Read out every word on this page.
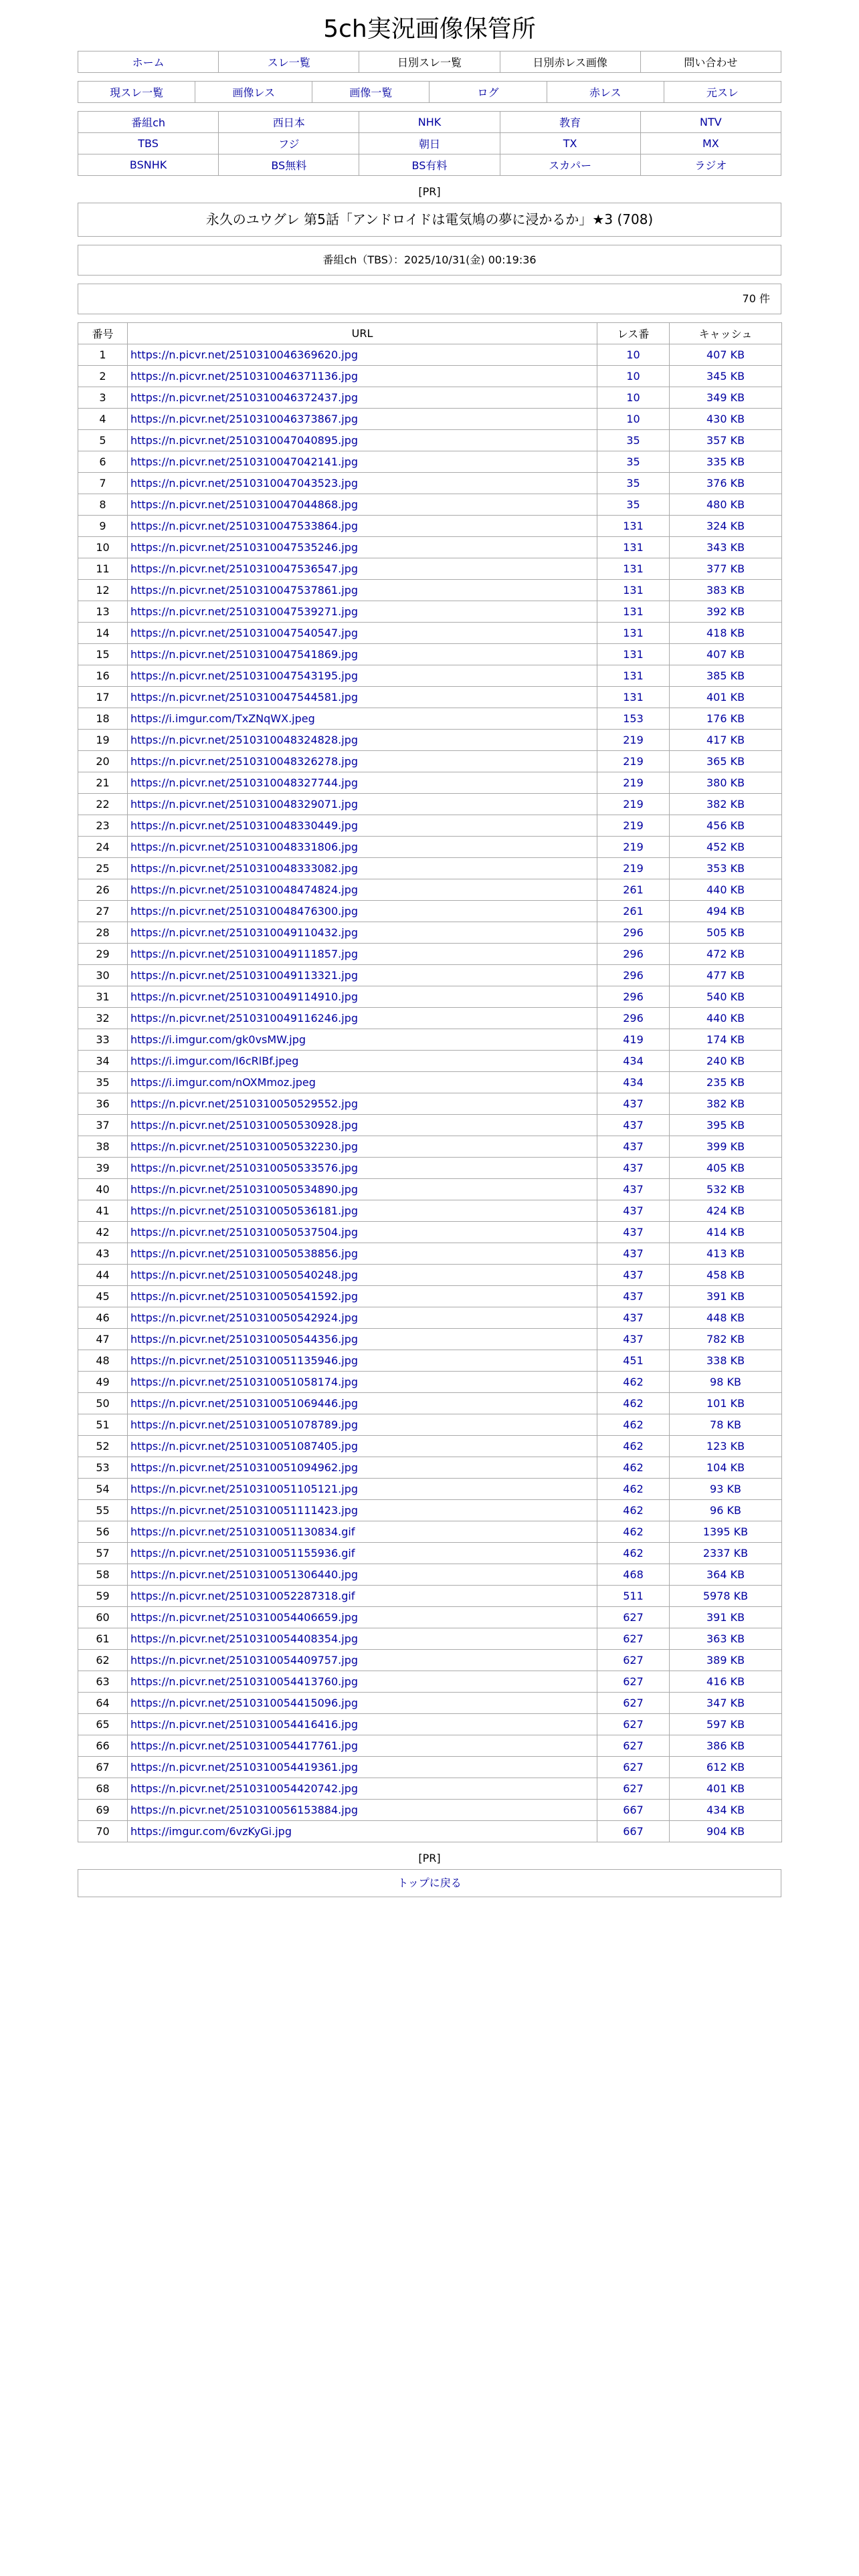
5ch実況画像保管所
ホーム	スレ一覧	日別スレ一覧	日別赤レス画像	問い合わせ
現スレ一覧	画像レス	画像一覧	ログ	赤レス	元スレ
番組ch	西日本	NHK	教育	NTV
TBS	フジ	朝日	TX	MX
BSNHK	BS無料	BS有料	スカパー	ラジオ
[PR]
永久のユウグレ 第5話「アンドロイドは電気鳩の夢に浸かるか」★3 (708)
番組ch（TBS）：2025/10/31(金) 00:19:36
70 件
番号	URL	レス番	キャッシュ
1	https://n.picvr.net/2510310046369620.jpg	10	407 KB
2	https://n.picvr.net/2510310046371136.jpg	10	345 KB
3	https://n.picvr.net/2510310046372437.jpg	10	349 KB
4	https://n.picvr.net/2510310046373867.jpg	10	430 KB
5	https://n.picvr.net/2510310047040895.jpg	35	357 KB
6	https://n.picvr.net/2510310047042141.jpg	35	335 KB
7	https://n.picvr.net/2510310047043523.jpg	35	376 KB
8	https://n.picvr.net/2510310047044868.jpg	35	480 KB
9	https://n.picvr.net/2510310047533864.jpg	131	324 KB
10	https://n.picvr.net/2510310047535246.jpg	131	343 KB
11	https://n.picvr.net/2510310047536547.jpg	131	377 KB
12	https://n.picvr.net/2510310047537861.jpg	131	383 KB
13	https://n.picvr.net/2510310047539271.jpg	131	392 KB
14	https://n.picvr.net/2510310047540547.jpg	131	418 KB
15	https://n.picvr.net/2510310047541869.jpg	131	407 KB
16	https://n.picvr.net/2510310047543195.jpg	131	385 KB
17	https://n.picvr.net/2510310047544581.jpg	131	401 KB
18	https://i.imgur.com/TxZNqWX.jpeg	153	176 KB
19	https://n.picvr.net/2510310048324828.jpg	219	417 KB
20	https://n.picvr.net/2510310048326278.jpg	219	365 KB
21	https://n.picvr.net/2510310048327744.jpg	219	380 KB
22	https://n.picvr.net/2510310048329071.jpg	219	382 KB
23	https://n.picvr.net/2510310048330449.jpg	219	456 KB
24	https://n.picvr.net/2510310048331806.jpg	219	452 KB
25	https://n.picvr.net/2510310048333082.jpg	219	353 KB
26	https://n.picvr.net/2510310048474824.jpg	261	440 KB
27	https://n.picvr.net/2510310048476300.jpg	261	494 KB
28	https://n.picvr.net/2510310049110432.jpg	296	505 KB
29	https://n.picvr.net/2510310049111857.jpg	296	472 KB
30	https://n.picvr.net/2510310049113321.jpg	296	477 KB
31	https://n.picvr.net/2510310049114910.jpg	296	540 KB
32	https://n.picvr.net/2510310049116246.jpg	296	440 KB
33	https://i.imgur.com/gk0vsMW.jpg	419	174 KB
34	https://i.imgur.com/I6cRlBf.jpeg	434	240 KB
35	https://i.imgur.com/nOXMmoz.jpeg	434	235 KB
36	https://n.picvr.net/2510310050529552.jpg	437	382 KB
37	https://n.picvr.net/2510310050530928.jpg	437	395 KB
38	https://n.picvr.net/2510310050532230.jpg	437	399 KB
39	https://n.picvr.net/2510310050533576.jpg	437	405 KB
40	https://n.picvr.net/2510310050534890.jpg	437	532 KB
41	https://n.picvr.net/2510310050536181.jpg	437	424 KB
42	https://n.picvr.net/2510310050537504.jpg	437	414 KB
43	https://n.picvr.net/2510310050538856.jpg	437	413 KB
44	https://n.picvr.net/2510310050540248.jpg	437	458 KB
45	https://n.picvr.net/2510310050541592.jpg	437	391 KB
46	https://n.picvr.net/2510310050542924.jpg	437	448 KB
47	https://n.picvr.net/2510310050544356.jpg	437	782 KB
48	https://n.picvr.net/2510310051135946.jpg	451	338 KB
49	https://n.picvr.net/2510310051058174.jpg	462	98 KB
50	https://n.picvr.net/2510310051069446.jpg	462	101 KB
51	https://n.picvr.net/2510310051078789.jpg	462	78 KB
52	https://n.picvr.net/2510310051087405.jpg	462	123 KB
53	https://n.picvr.net/2510310051094962.jpg	462	104 KB
54	https://n.picvr.net/2510310051105121.jpg	462	93 KB
55	https://n.picvr.net/2510310051111423.jpg	462	96 KB
56	https://n.picvr.net/2510310051130834.gif	462	1395 KB
57	https://n.picvr.net/2510310051155936.gif	462	2337 KB
58	https://n.picvr.net/2510310051306440.jpg	468	364 KB
59	https://n.picvr.net/2510310052287318.gif	511	5978 KB
60	https://n.picvr.net/2510310054406659.jpg	627	391 KB
61	https://n.picvr.net/2510310054408354.jpg	627	363 KB
62	https://n.picvr.net/2510310054409757.jpg	627	389 KB
63	https://n.picvr.net/2510310054413760.jpg	627	416 KB
64	https://n.picvr.net/2510310054415096.jpg	627	347 KB
65	https://n.picvr.net/2510310054416416.jpg	627	597 KB
66	https://n.picvr.net/2510310054417761.jpg	627	386 KB
67	https://n.picvr.net/2510310054419361.jpg	627	612 KB
68	https://n.picvr.net/2510310054420742.jpg	627	401 KB
69	https://n.picvr.net/2510310056153884.jpg	667	434 KB
70	https://imgur.com/6vzKyGi.jpg	667	904 KB
[PR]
トップに戻る
